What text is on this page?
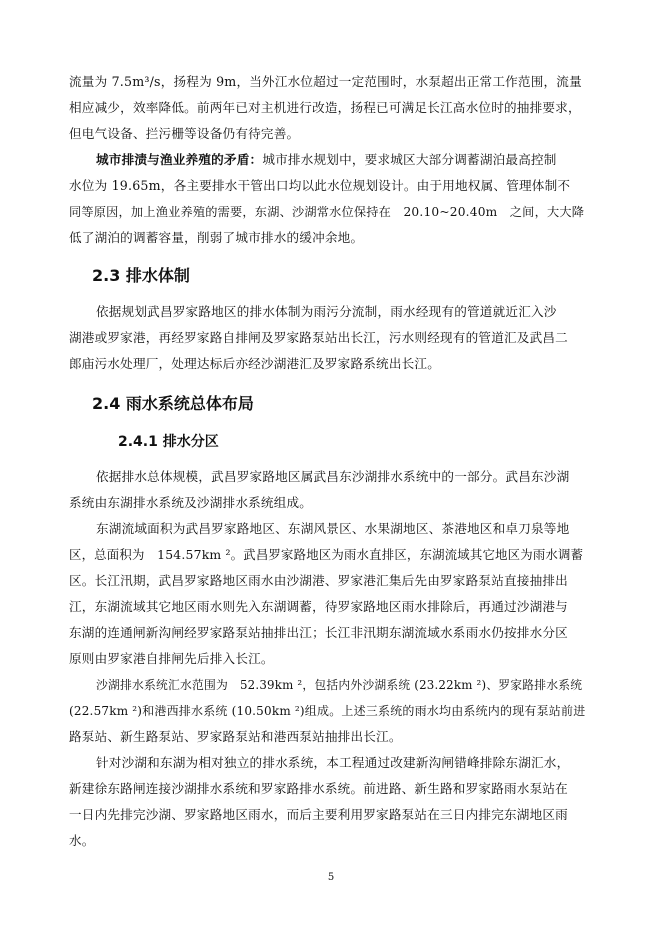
流量为 7.5m³/s，扬程为 9m，当外江水位超过一定范围时，水泵超出正常工作范围，流量
相应减少，效率降低。前两年已对主机进行改造，扬程已可满足长江高水位时的抽排要求，
但电气设备、拦污栅等设备仍有待完善。
城市排渍与渔业养殖的矛盾：城市排水规划中，要求城区大部分调蓄湖泊最高控制
水位为 19.65m，各主要排水干管出口均以此水位规划设计。由于用地权属、管理体制不
同等原因，加上渔业养殖的需要，东湖、沙湖常水位保持在　20.10~20.40m　之间，大大降
低了湖泊的调蓄容量，削弱了城市排水的缓冲余地。
2.3 排水体制
依据规划武昌罗家路地区的排水体制为雨污分流制，雨水经现有的管道就近汇入沙
湖港或罗家港，再经罗家路自排闸及罗家路泵站出长江，污水则经现有的管道汇及武昌二
郎庙污水处理厂，处理达标后亦经沙湖港汇及罗家路系统出长江。
2.4 雨水系统总体布局
2.4.1 排水分区
依据排水总体规模，武昌罗家路地区属武昌东沙湖排水系统中的一部分。武昌东沙湖
系统由东湖排水系统及沙湖排水系统组成。
东湖流域面积为武昌罗家路地区、东湖风景区、水果湖地区、茶港地区和卓刀泉等地
区，总面积为　154.57km ²。武昌罗家路地区为雨水直排区，东湖流域其它地区为雨水调蓄
区。长江汛期，武昌罗家路地区雨水由沙湖港、罗家港汇集后先由罗家路泵站直接抽排出
江，东湖流域其它地区雨水则先入东湖调蓄，待罗家路地区雨水排除后，再通过沙湖港与
东湖的连通闸新沟闸经罗家路泵站抽排出江；长江非汛期东湖流域水系雨水仍按排水分区
原则由罗家港自排闸先后排入长江。
沙湖排水系统汇水范围为　52.39km ²，包括内外沙湖系统 (23.22km ²)、罗家路排水系统
(22.57km ²)和港西排水系统 (10.50km ²)组成。上述三系统的雨水均由系统内的现有泵站前进
路泵站、新生路泵站、罗家路泵站和港西泵站抽排出长江。
针对沙湖和东湖为相对独立的排水系统，本工程通过改建新沟闸错峰排除东湖汇水，
新建徐东路闸连接沙湖排水系统和罗家路排水系统。前进路、新生路和罗家路雨水泵站在
一日内先排完沙湖、罗家路地区雨水，而后主要利用罗家路泵站在三日内排完东湖地区雨
水。
5
